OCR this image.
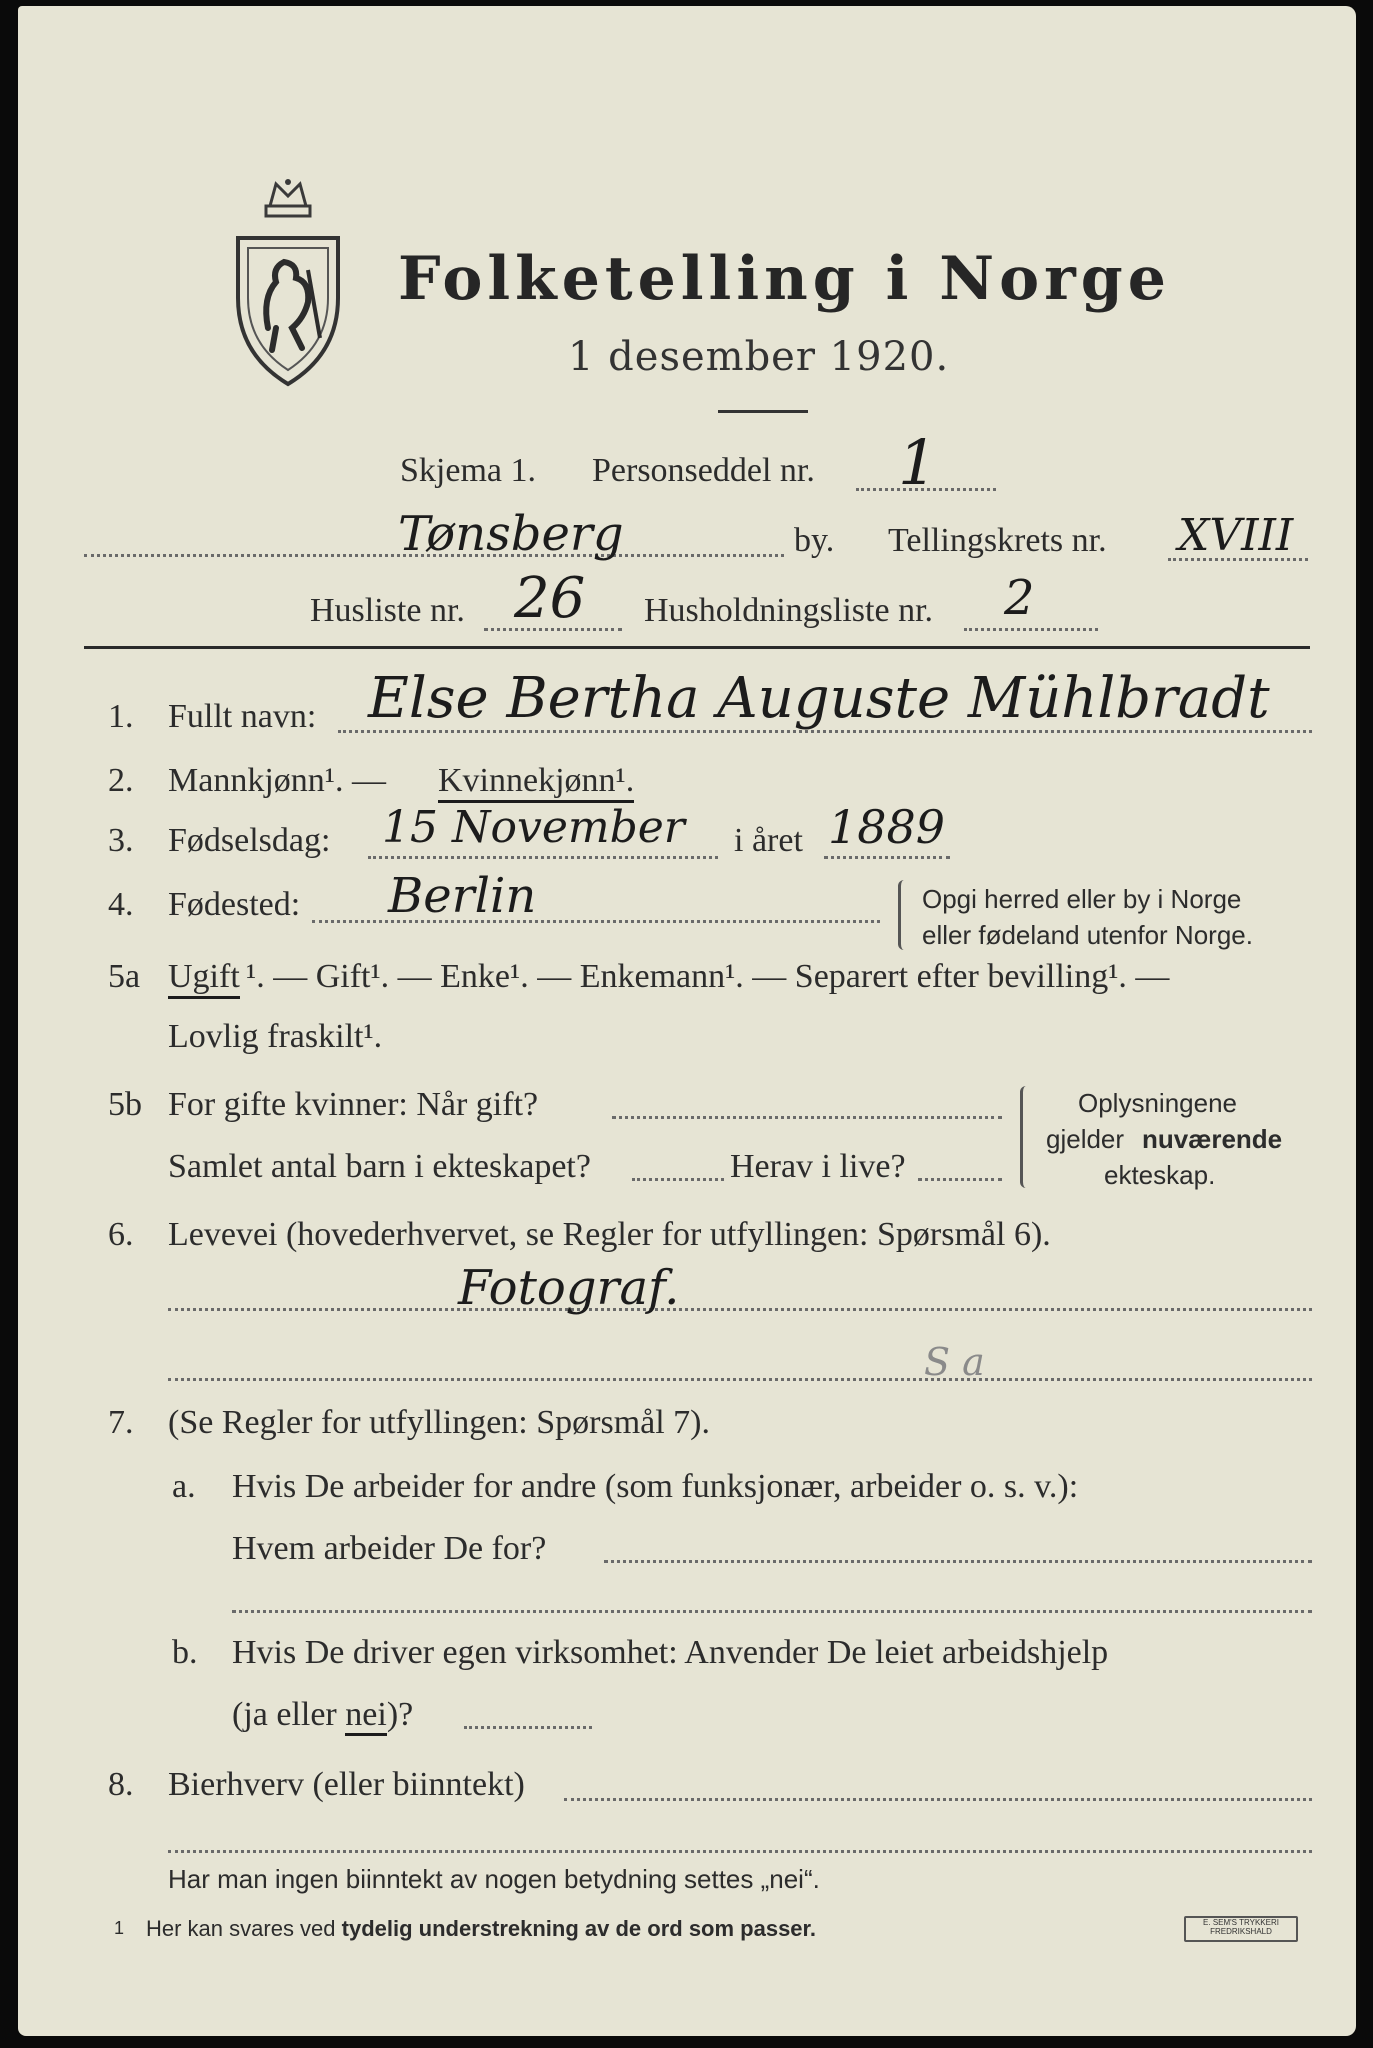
Folketelling i Norge
1 desember 1920.
Skjema 1. Personseddel nr. 1
Tønsberg	by. Tellingskrets nr. XVIII
Husliste nr. 26 Husholdningsliste nr. 2
1. Fullt navn: Else Bertha Auguste Mühlbradt
2. Mannkjønn¹. — Kvinnekjønn¹.
3. Fødselsdag: 15 November i året 1889
4. Fødested: Berlin	Opgi herred eller by i Norge
eller fødeland utenfor Norge.
5a Ugift ¹. — Gift¹. — Enke¹. — Enkemann¹. — Separert efter bevilling¹. —
Lovlig fraskilt¹.
5b For gifte kvinner: Når gift?
Samlet antal barn i ekteskapet?	Herav i live?
Oplysningene
gjelder nuværende
ekteskap.
6. Levevei (hovederhvervet, se Regler for utfyllingen: Spørsmål 6).
Fotograf.
S a
7. (Se Regler for utfyllingen: Spørsmål 7).
a. Hvis De arbeider for andre (som funksjonær, arbeider o. s. v.):
Hvem arbeider De for?
b. Hvis De driver egen virksomhet: Anvender De leiet arbeidshjelp
(ja eller nei)?
8. Bierhverv (eller biinntekt)
Har man ingen biinntekt av nogen betydning settes „nei“.
1 Her kan svares ved tydelig understrekning av de ord som passer.	E. SEM'S TRYKKERI
FREDRIKSHALD
